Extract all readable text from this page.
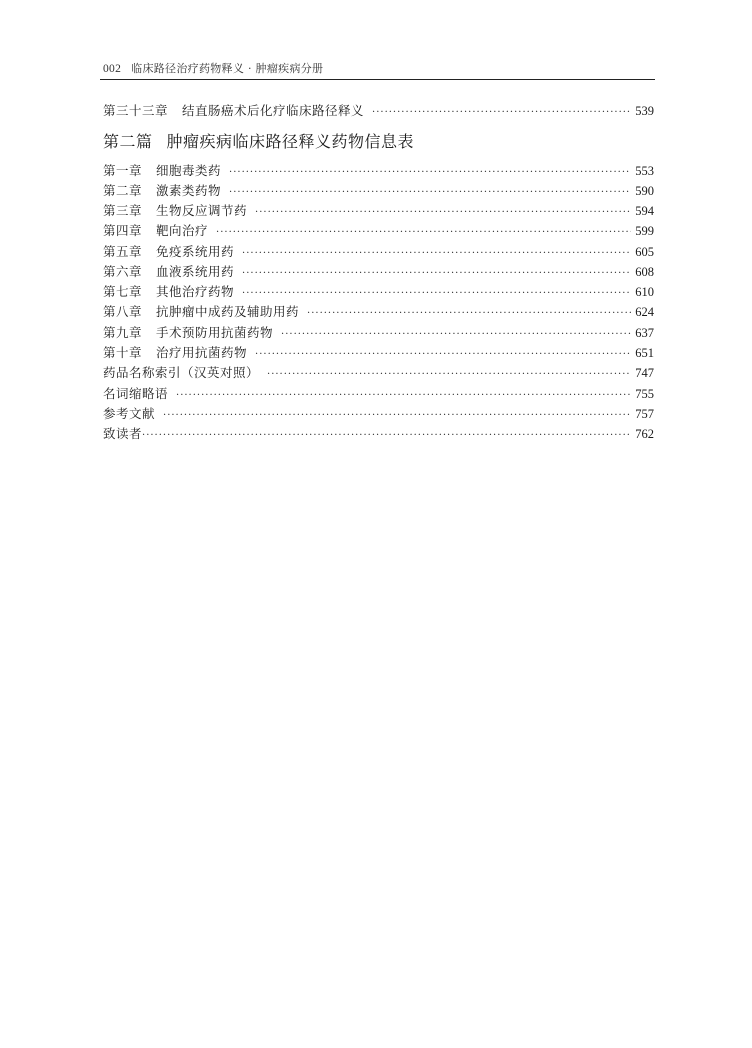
002 临床路径治疗药物释义 · 肿瘤疾病分册
第三十三章 结直肠癌术后化疗临床路径释义 ·····	539
第二篇 肿瘤疾病临床路径释义药物信息表
第一章 细胞毒类药 ·····	553
第二章 激素类药物 ·····	590
第三章 生物反应调节药 ·····	594
第四章 靶向治疗 ·····	599
第五章 免疫系统用药 ·····	605
第六章 血液系统用药 ·····	608
第七章 其他治疗药物 ·····	610
第八章 抗肿瘤中成药及辅助用药 ·····	624
第九章 手术预防用抗菌药物 ·····	637
第十章 治疗用抗菌药物 ·····	651
药品名称索引（汉英对照） ·····	747
名词缩略语 ·····	755
参考文献 ·····	757
致读者 ·····	762
